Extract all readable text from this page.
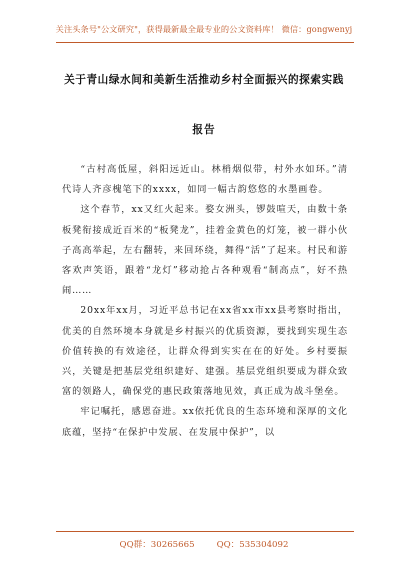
关注头条号"公文研究"，获得最新最全最专业的公文资料库！ 微信：gongwenyj
关于青山绿水间和美新生活推动乡村全面振兴的探索实践
报告

“古村高低屋，斜阳远近山。林梢烟似带，村外水如环。”清代诗人齐彦槐笔下的xxxx，如同一幅古韵悠悠的水墨画卷。

这个春节，xx又红火起来。婺女洲头，锣鼓喧天，由数十条板凳衔接成近百米的“板凳龙”，挂着金黄色的灯笼，被一群小伙子高高举起，左右翻转，来回环绕，舞得“活”了起来。村民和游客欢声笑语，跟着“龙灯”移动抢占各种观看“制高点”，好不热闹……

20xx年xx月，习近平总书记在xx省xx市xx县考察时指出，优美的自然环境本身就是乡村振兴的优质资源，要找到实现生态价值转换的有效途径，让群众得到实实在在的好处。乡村要振兴，关键是把基层党组织建好、建强。基层党组织要成为群众致富的领路人，确保党的惠民政策落地见效，真正成为战斗堡垒。

牢记嘱托，感恩奋进。xx依托优良的生态环境和深厚的文化底蕴，坚持“在保护中发展、在发展中保护”，以

QQ群：30265665	QQ：535304092
